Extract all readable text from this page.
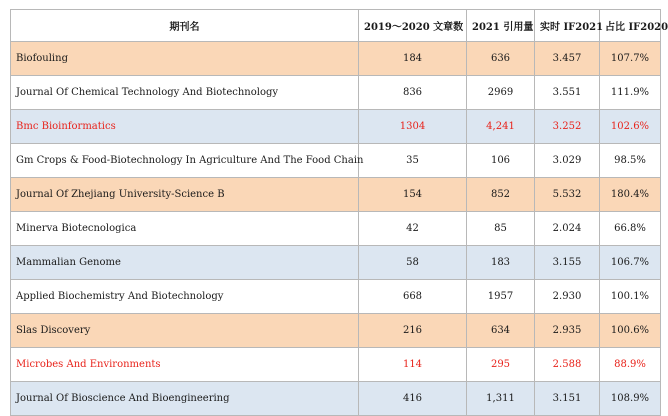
期刊名	2019～2020 文章数	2021 引用量	实时 IF2021	占比 IF2020
Biofouling	184	636	3.457	107.7%
Journal Of Chemical Technology And Biotechnology	836	2969	3.551	111.9%
Bmc Bioinformatics	1304	4,241	3.252	102.6%
Gm Crops & Food-Biotechnology In Agriculture And The Food Chain	35	106	3.029	98.5%
Journal Of Zhejiang University-Science B	154	852	5.532	180.4%
Minerva Biotecnologica	42	85	2.024	66.8%
Mammalian Genome	58	183	3.155	106.7%
Applied Biochemistry And Biotechnology	668	1957	2.930	100.1%
Slas Discovery	216	634	2.935	100.6%
Microbes And Environments	114	295	2.588	88.9%
Journal Of Bioscience And Bioengineering	416	1,311	3.151	108.9%
